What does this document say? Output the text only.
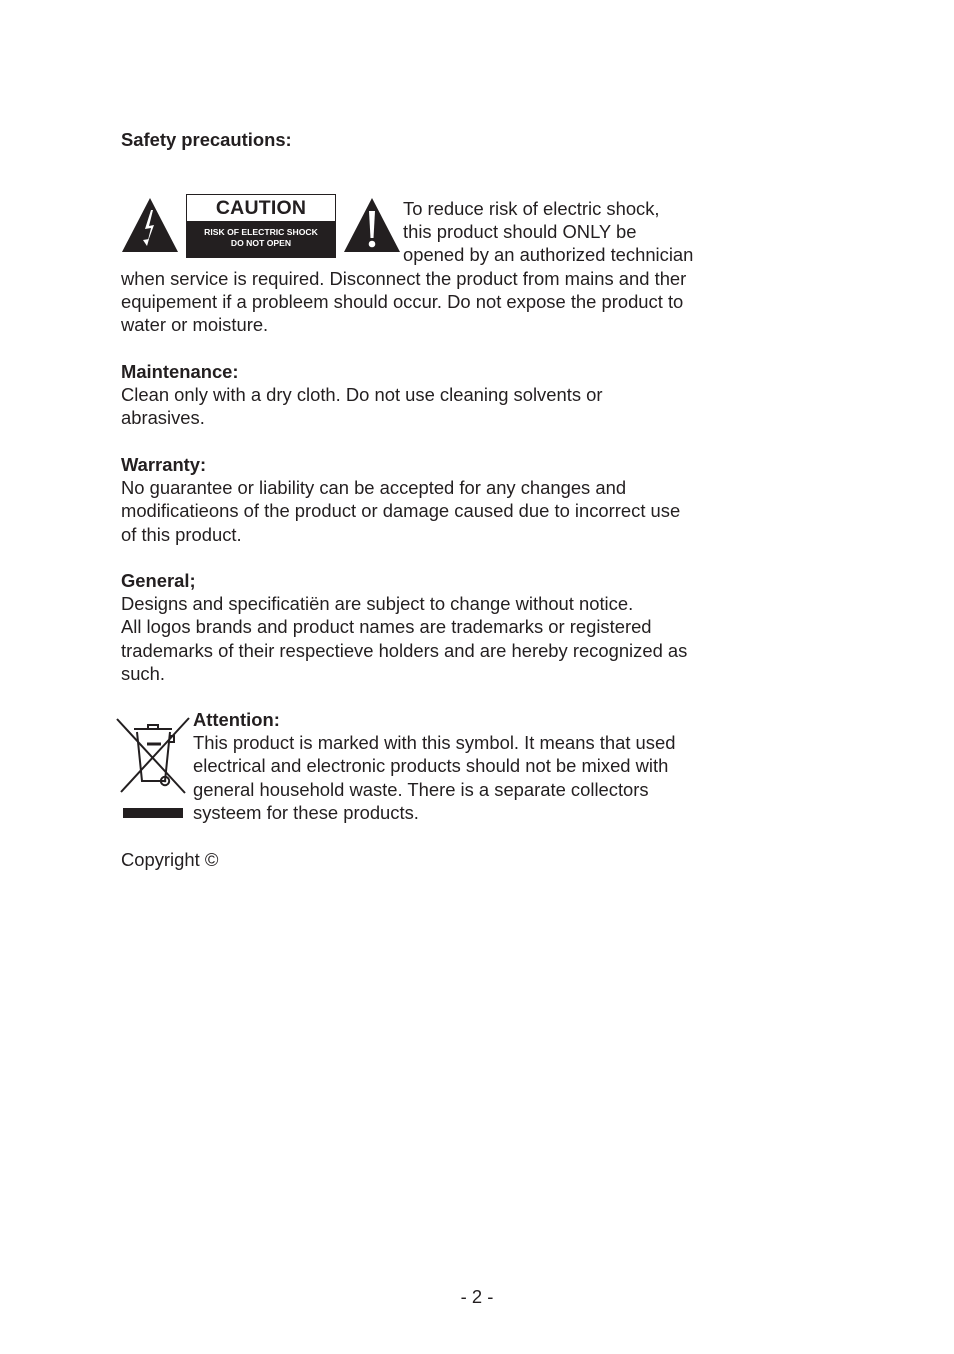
Safety precautions:

CAUTION
RISK OF ELECTRIC SHOCK
DO NOT OPEN

To reduce risk of electric shock,

this product should ONLY be

opened by an authorized technician

when service is required. Disconnect the product from mains and ther

equipement if a probleem should occur. Do not expose the product to

water or moisture.

Maintenance:

Clean only with a dry cloth. Do not use cleaning solvents or

abrasives.

Warranty:

No guarantee or liability can be accepted for any changes and

modificatieons of the product or damage caused due to incorrect use

of this product.

General;

Designs and specificatiën are subject to change without notice.

All logos brands and product names are trademarks or registered

trademarks of their respectieve holders and are hereby recognized as

such.

Attention:

This product is marked with this symbol. It means that used

electrical and electronic products should not be mixed with

general household waste. There is a separate collectors

systeem for these products.

Copyright ©

- 2 -
